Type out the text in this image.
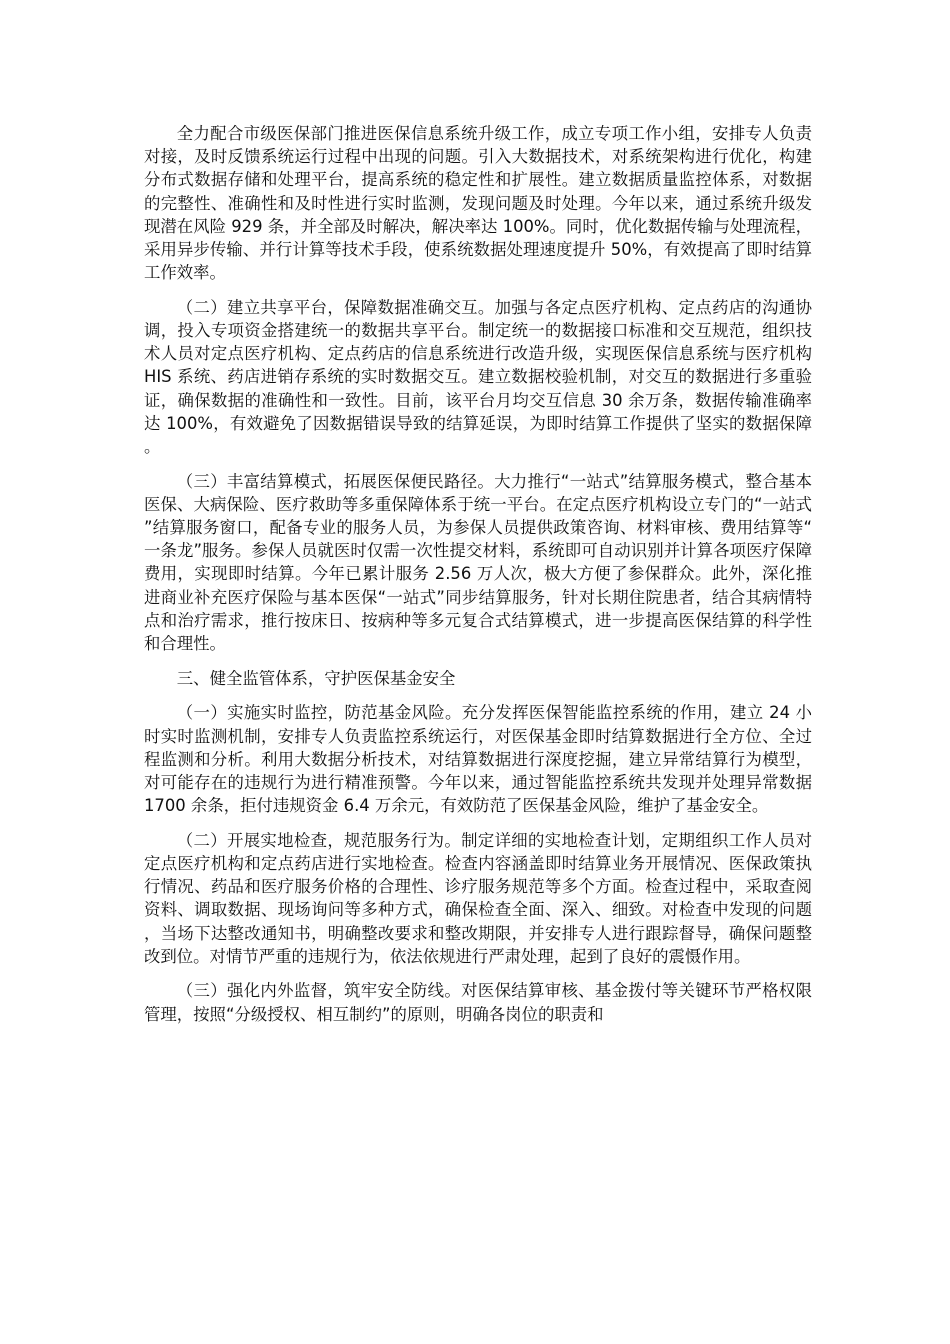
全力配合市级医保部门推进医保信息系统升级工作，成立专项工作小组，安排专人负责对接，及时反馈系统运行过程中出现的问题。引入大数据技术，对系统架构进行优化，构建分布式数据存储和处理平台，提高系统的稳定性和扩展性。建立数据质量监控体系，对数据的完整性、准确性和及时性进行实时监测，发现问题及时处理。今年以来，通过系统升级发现潜在风险 929 条，并全部及时解决，解决率达 100%。同时，优化数据传输与处理流程，采用异步传输、并行计算等技术手段，使系统数据处理速度提升 50%，有效提高了即时结算工作效率。

（二）建立共享平台，保障数据准确交互。加强与各定点医疗机构、定点药店的沟通协调，投入专项资金搭建统一的数据共享平台。制定统一的数据接口标准和交互规范，组织技术人员对定点医疗机构、定点药店的信息系统进行改造升级，实现医保信息系统与医疗机构 HIS 系统、药店进销存系统的实时数据交互。建立数据校验机制，对交互的数据进行多重验证，确保数据的准确性和一致性。目前，该平台月均交互信息 30 余万条，数据传输准确率达 100%，有效避免了因数据错误导致的结算延误，为即时结算工作提供了坚实的数据保障。

（三）丰富结算模式，拓展医保便民路径。大力推行“一站式”结算服务模式，整合基本医保、大病保险、医疗救助等多重保障体系于统一平台。在定点医疗机构设立专门的“一站式”结算服务窗口，配备专业的服务人员，为参保人员提供政策咨询、材料审核、费用结算等“一条龙”服务。参保人员就医时仅需一次性提交材料，系统即可自动识别并计算各项医疗保障费用，实现即时结算。今年已累计服务 2.56 万人次，极大方便了参保群众。此外，深化推进商业补充医疗保险与基本医保“一站式”同步结算服务，针对长期住院患者，结合其病情特点和治疗需求，推行按床日、按病种等多元复合式结算模式，进一步提高医保结算的科学性和合理性。

三、健全监管体系，守护医保基金安全

（一）实施实时监控，防范基金风险。充分发挥医保智能监控系统的作用，建立 24 小时实时监测机制，安排专人负责监控系统运行，对医保基金即时结算数据进行全方位、全过程监测和分析。利用大数据分析技术，对结算数据进行深度挖掘，建立异常结算行为模型，对可能存在的违规行为进行精准预警。今年以来，通过智能监控系统共发现并处理异常数据 1700 余条，拒付违规资金 6.4 万余元，有效防范了医保基金风险，维护了基金安全。

（二）开展实地检查，规范服务行为。制定详细的实地检查计划，定期组织工作人员对定点医疗机构和定点药店进行实地检查。检查内容涵盖即时结算业务开展情况、医保政策执行情况、药品和医疗服务价格的合理性、诊疗服务规范等多个方面。检查过程中，采取查阅资料、调取数据、现场询问等多种方式，确保检查全面、深入、细致。对检查中发现的问题，当场下达整改通知书，明确整改要求和整改期限，并安排专人进行跟踪督导，确保问题整改到位。对情节严重的违规行为，依法依规进行严肃处理，起到了良好的震慑作用。

（三）强化内外监督，筑牢安全防线。对医保结算审核、基金拨付等关键环节严格权限管理，按照“分级授权、相互制约”的原则，明确各岗位的职责和
